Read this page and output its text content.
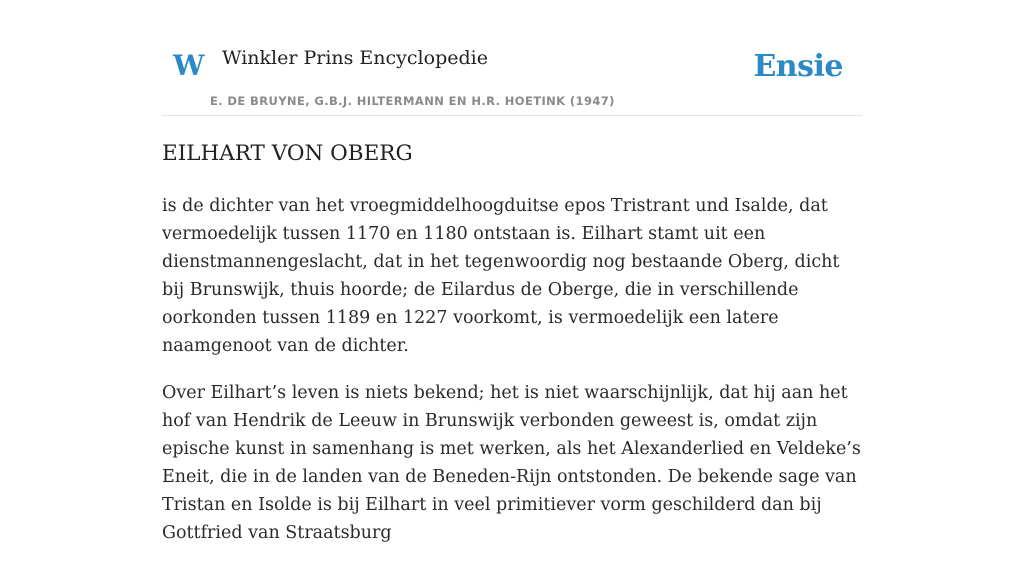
W Winkler Prins Encyclopedie
E. DE BRUYNE, G.B.J. HILTERMANN EN H.R. HOETINK (1947)
Ensie
EILHART VON OBERG

is de dichter van het vroegmiddelhoogduitse epos Tristrant und Isalde, dat vermoedelijk tussen 1170 en 1180 ontstaan is. Eilhart stamt uit een dienstmannengeslacht, dat in het tegenwoordig nog bestaande Oberg, dicht bij Brunswijk, thuis hoorde; de Eilardus de Oberge, die in verschillende oorkonden tussen 1189 en 1227 voorkomt, is vermoedelijk een latere naamgenoot van de dichter.

Over Eilhart’s leven is niets bekend; het is niet waarschijnlijk, dat hij aan het hof van Hendrik de Leeuw in Brunswijk verbonden geweest is, omdat zijn epische kunst in samenhang is met werken, als het Alexanderlied en Veldeke’s Eneit, die in de landen van de Beneden-Rijn ontstonden. De bekende sage van Tristan en Isolde is bij Eilhart in veel primitiever vorm geschilderd dan bij Gottfried van Straatsburg
